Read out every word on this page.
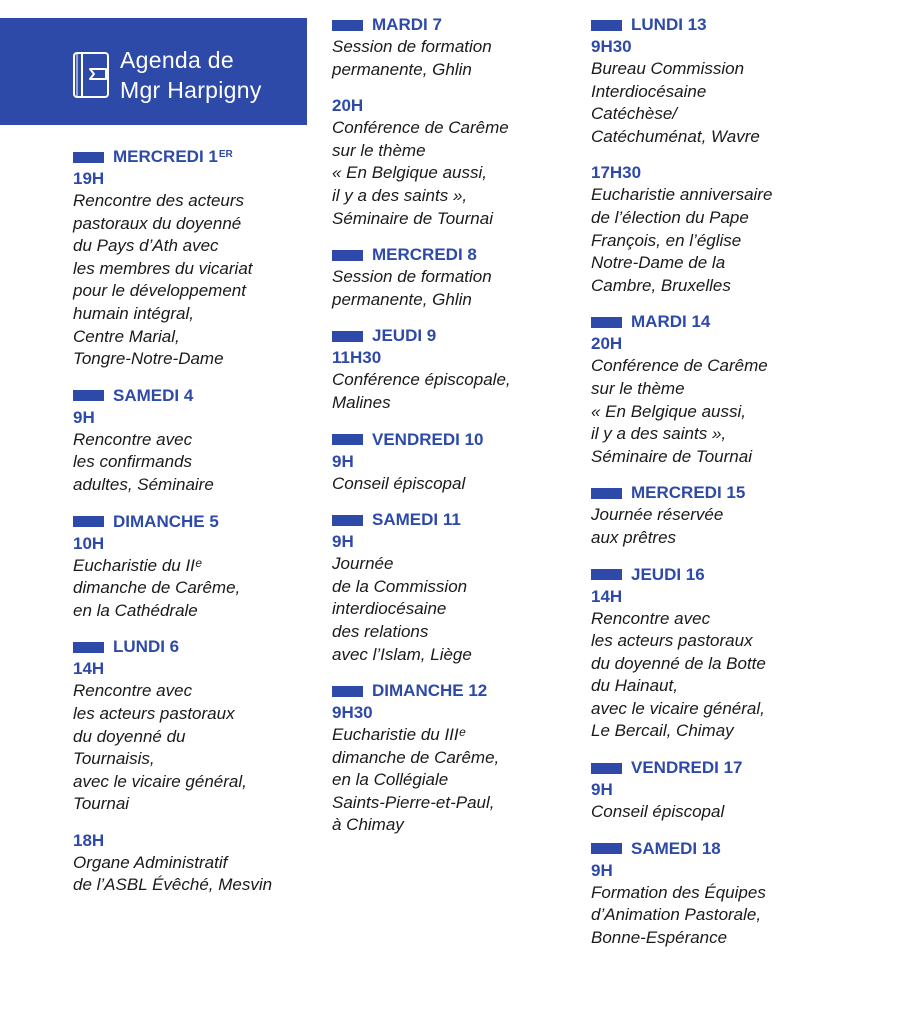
Agenda de
Mgr Harpigny
MERCREDI 1ER
19H
Rencontre des acteurs
pastoraux du doyenné
du Pays d’Ath avec
les membres du vicariat
pour le développement
humain intégral,
Centre Marial,
Tongre-Notre-Dame
SAMEDI 4
9H
Rencontre avec
les confirmands
adultes, Séminaire
DIMANCHE 5
10H
Eucharistie du IIᵉ
dimanche de Carême,
en la Cathédrale
LUNDI 6
14H
Rencontre avec
les acteurs pastoraux
du doyenné du
Tournaisis,
avec le vicaire général,
Tournai
18H
Organe Administratif
de l’ASBL Évêché, Mesvin
MARDI 7
Session de formation
permanente, Ghlin
20H
Conférence de Carême
sur le thème
« En Belgique aussi,
il y a des saints »,
Séminaire de Tournai
MERCREDI 8
Session de formation
permanente, Ghlin
JEUDI 9
11H30
Conférence épiscopale,
Malines
VENDREDI 10
9H
Conseil épiscopal
SAMEDI 11
9H
Journée
de la Commission
interdiocésaine
des relations
avec l’Islam, Liège
DIMANCHE 12
9H30
Eucharistie du IIIᵉ
dimanche de Carême,
en la Collégiale
Saints-Pierre-et-Paul,
à Chimay
LUNDI 13
9H30
Bureau Commission
Interdiocésaine
Catéchèse/
Catéchuménat, Wavre
17H30
Eucharistie anniversaire
de l’élection du Pape
François, en l’église
Notre-Dame de la
Cambre, Bruxelles
MARDI 14
20H
Conférence de Carême
sur le thème
« En Belgique aussi,
il y a des saints »,
Séminaire de Tournai
MERCREDI 15
Journée réservée
aux prêtres
JEUDI 16
14H
Rencontre avec
les acteurs pastoraux
du doyenné de la Botte
du Hainaut,
avec le vicaire général,
Le Bercail, Chimay
VENDREDI 17
9H
Conseil épiscopal
SAMEDI 18
9H
Formation des Équipes
d’Animation Pastorale,
Bonne-Espérance
